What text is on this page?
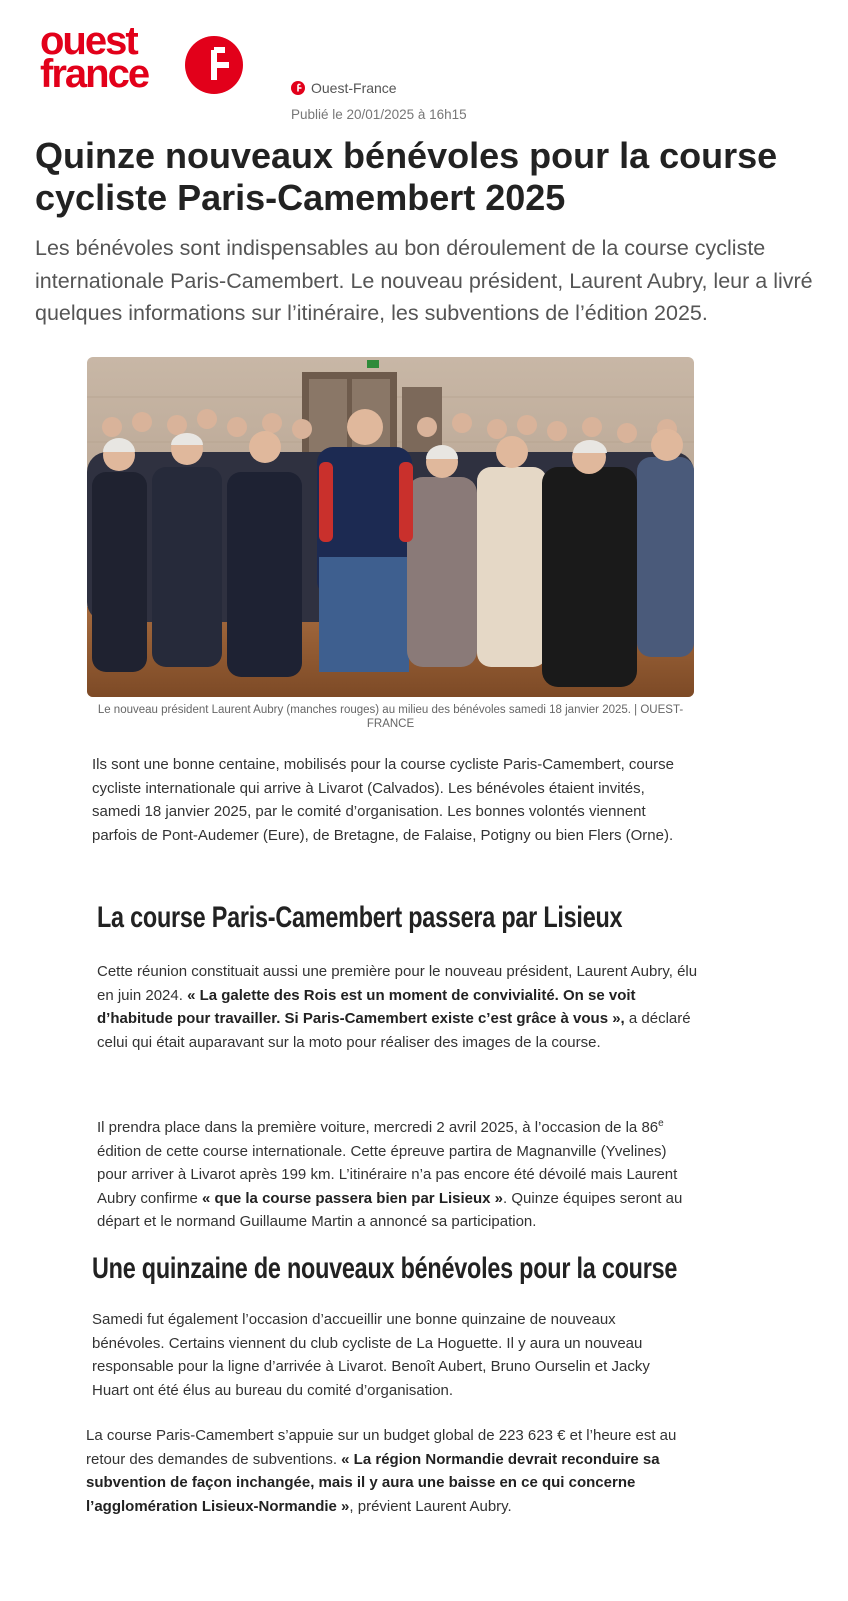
ouest
france	Ouest-France
Publié le 20/01/2025 à 16h15
Quinze nouveaux bénévoles pour la course cycliste Paris-Camembert 2025

Les bénévoles sont indispensables au bon déroulement de la course cycliste internationale Paris-Camembert. Le nouveau président, Laurent Aubry, leur a livré quelques informations sur l’itinéraire, les subventions de l’édition 2025.

Le nouveau président Laurent Aubry (manches rouges) au milieu des bénévoles samedi 18 janvier 2025. | OUEST-FRANCE

Ils sont une bonne centaine, mobilisés pour la course cycliste Paris-Camembert, course cycliste internationale qui arrive à Livarot (Calvados). Les bénévoles étaient invités, samedi 18 janvier 2025, par le comité d’organisation. Les bonnes volontés viennent parfois de Pont-Audemer (Eure), de Bretagne, de Falaise, Potigny ou bien Flers (Orne).

La course Paris-Camembert passera par Lisieux

Cette réunion constituait aussi une première pour le nouveau président, Laurent Aubry, élu en juin 2024. « La galette des Rois est un moment de convivialité. On se voit d’habitude pour travailler. Si Paris-Camembert existe c’est grâce à vous », a déclaré celui qui était auparavant sur la moto pour réaliser des images de la course.

Il prendra place dans la première voiture, mercredi 2 avril 2025, à l’occasion de la 86e édition de cette course internationale. Cette épreuve partira de Magnanville (Yvelines) pour arriver à Livarot après 199 km. L’itinéraire n’a pas encore été dévoilé mais Laurent Aubry confirme « que la course passera bien par Lisieux ». Quinze équipes seront au départ et le normand Guillaume Martin a annoncé sa participation.

Une quinzaine de nouveaux bénévoles pour la course

Samedi fut également l’occasion d’accueillir une bonne quinzaine de nouveaux bénévoles. Certains viennent du club cycliste de La Hoguette. Il y aura un nouveau responsable pour la ligne d’arrivée à Livarot. Benoît Aubert, Bruno Ourselin et Jacky Huart ont été élus au bureau du comité d’organisation.

La course Paris-Camembert s’appuie sur un budget global de 223 623 € et l’heure est au retour des demandes de subventions. « La région Normandie devrait reconduire sa subvention de façon inchangée, mais il y aura une baisse en ce qui concerne l’agglomération Lisieux-Normandie », prévient Laurent Aubry.
